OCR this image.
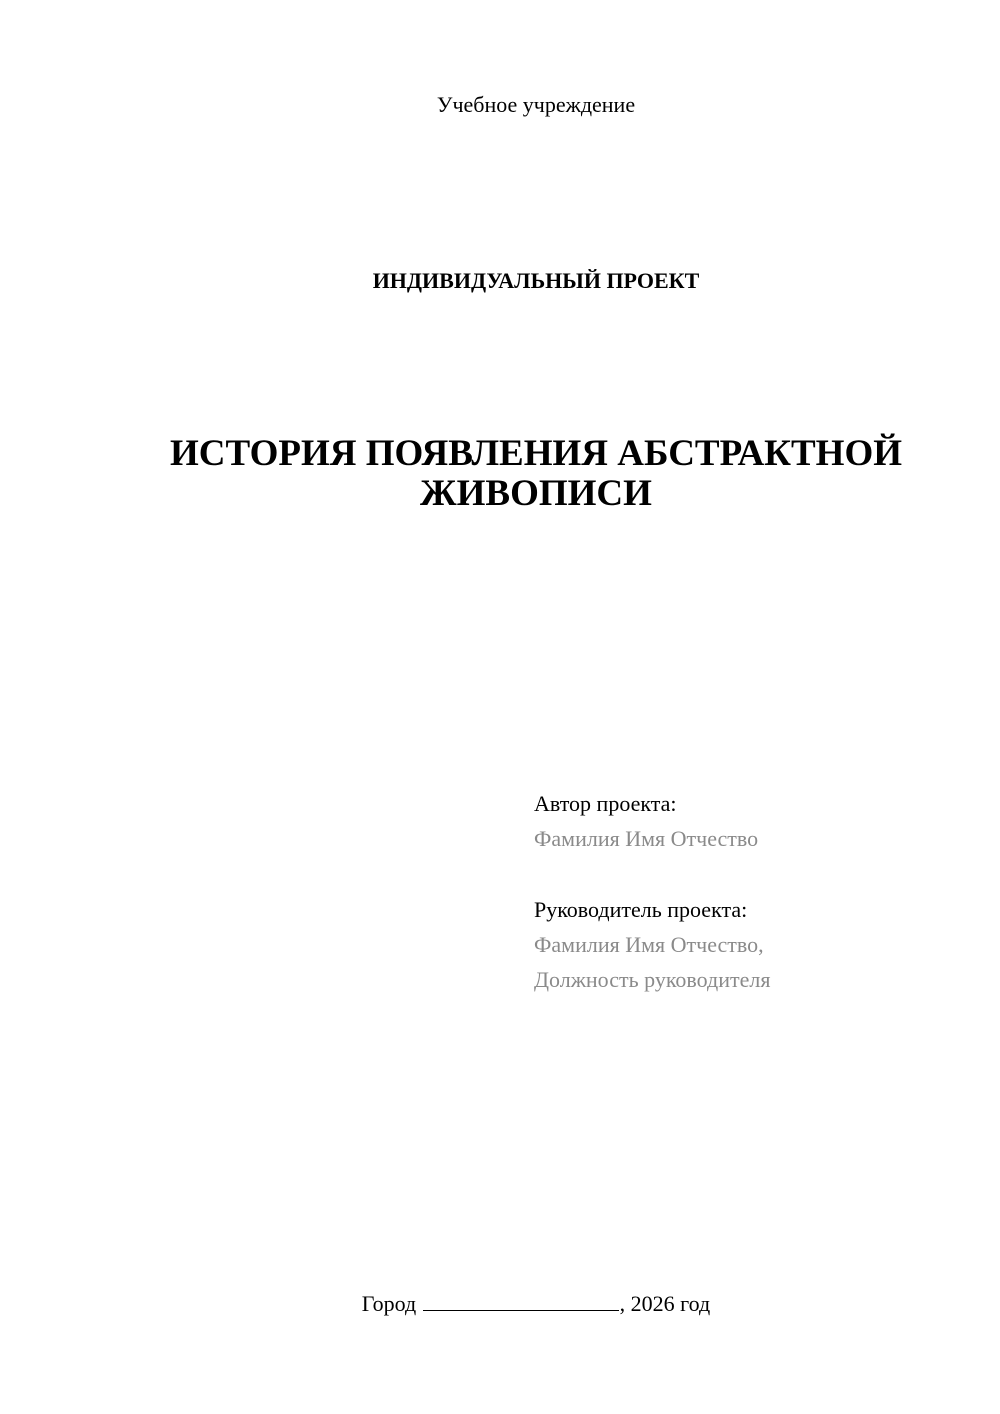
Учебное учреждение
ИНДИВИДУАЛЬНЫЙ ПРОЕКТ
ИСТОРИЯ ПОЯВЛЕНИЯ АБСТРАКТНОЙ
ЖИВОПИСИ
Автор проекта:
Фамилия Имя Отчество
Руководитель проекта:
Фамилия Имя Отчество,
Должность руководителя
Город	, 2026 год
